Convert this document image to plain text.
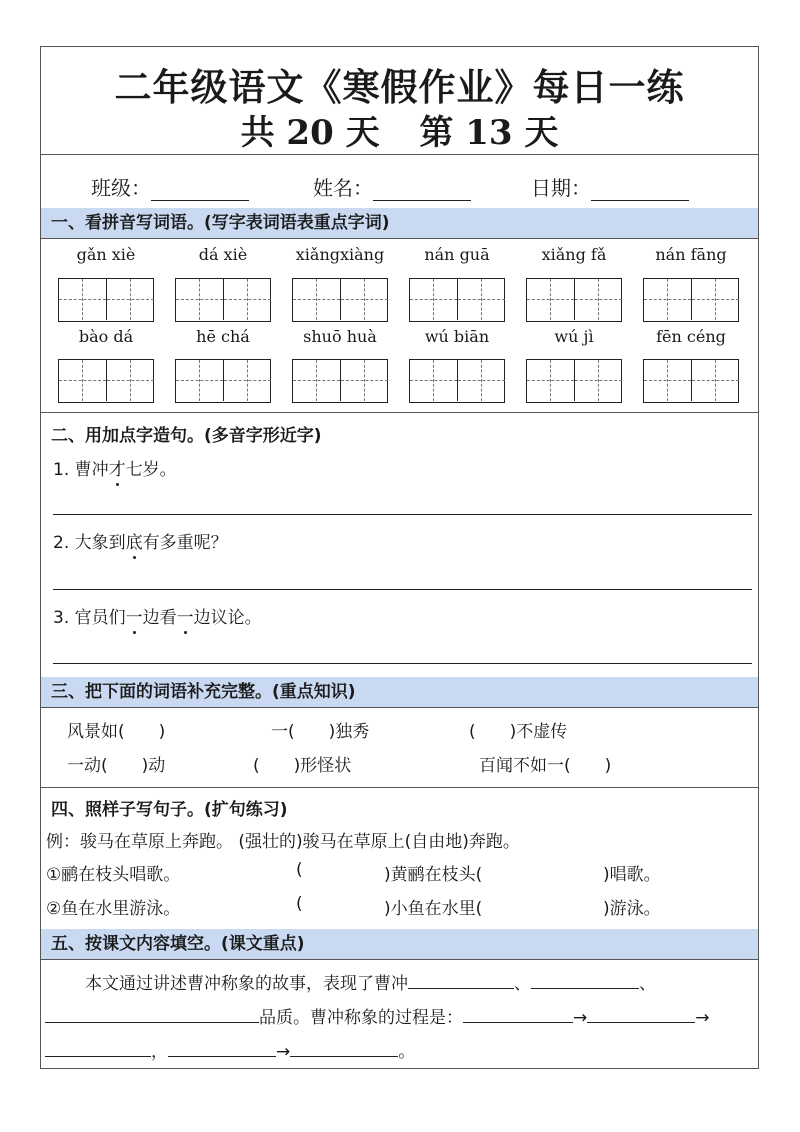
二年级语文《寒假作业》每日一练
共 20 天 第 13 天
班级：	姓名：	日期：
一、看拼音写词语。(写字表词语表重点字词)
gǎn xiè	dá xiè	xiǎngxiàng	nán guā	xiǎng fǎ	nán fāng
bào dá	hē chá	shuō huà	wú biān	wú jì	fēn céng
二、用加点字造句。(多音字形近字)
1. 曹冲才七岁。
2. 大象到底有多重呢？
3. 官员们一边看一边议论。
三、把下面的词语补充完整。(重点知识)
风景如(　　)	一(　　)独秀	(　　)不虚传
一动(　　)动	(　　)形怪状	百闻不如一(　　)
四、照样子写句子。(扩句练习)
例：骏马在草原上奔跑。 (强壮的)骏马在草原上(自由地)奔跑。
①鹂在枝头唱歌。	(	)黄鹂在枝头(	)唱歌。
②鱼在水里游泳。	(	)小鱼在水里(	)游泳。
五、按课文内容填空。(课文重点)
本文通过讲述曹冲称象的故事，表现了曹冲	、	、
品质。曹冲称象的过程是：	→	→
，	→	。
